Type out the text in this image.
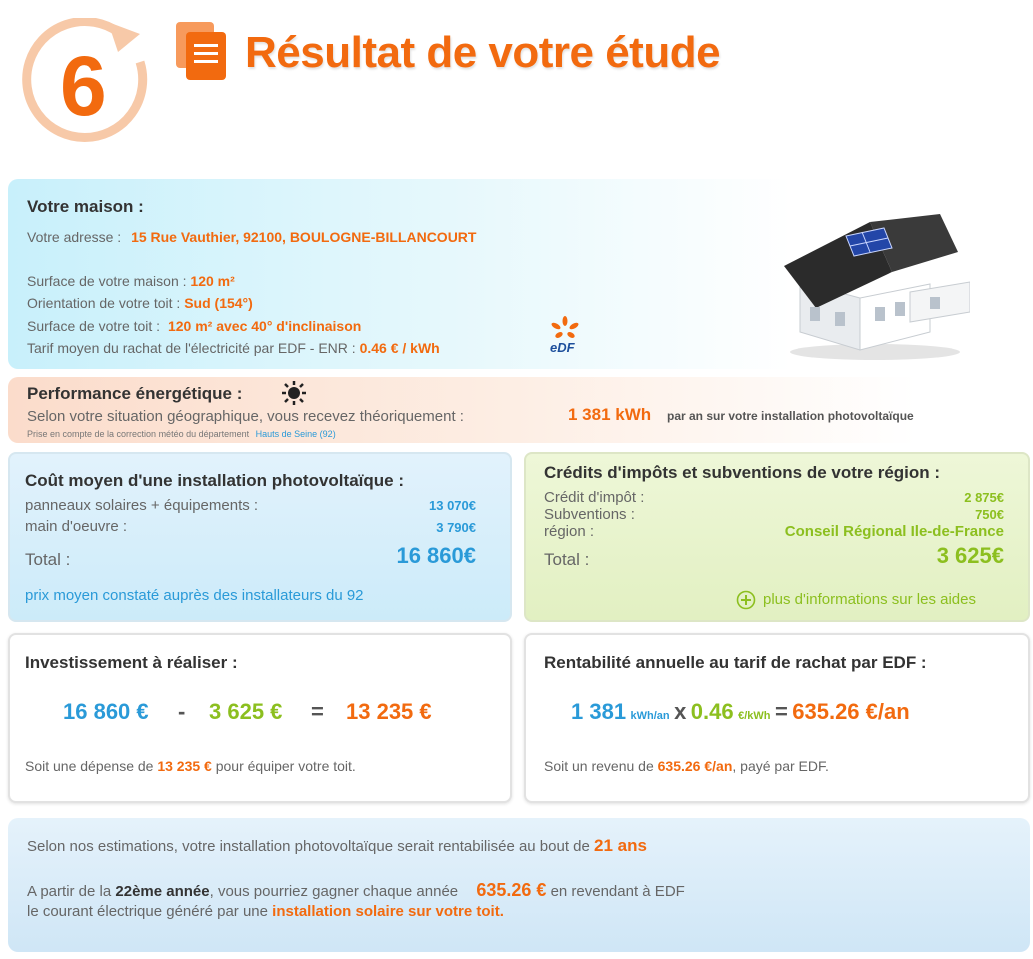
6	Résultat de votre étude
Votre maison :
Votre adresse : 15 Rue Vauthier, 92100, BOULOGNE-BILLANCOURT
Surface de votre maison : 120 m²
Orientation de votre toit : Sud (154°)
Surface de votre toit : 120 m² avec 40° d'inclinaison
Tarif moyen du rachat de l'électricité par EDF - ENR : 0.46 € / kWh	eDF
Performance énergétique :
Selon votre situation géographique, vous recevez théoriquement :	1 381 kWh par an sur votre installation photovoltaïque
Prise en compte de la correction météo du département Hauts de Seine (92)
Coût moyen d'une installation photovoltaïque :
panneaux solaires + équipements :	13 070€
main d'oeuvre :	3 790€
Total :	16 860€
prix moyen constaté auprès des installateurs du 92
Crédits d'impôts et subventions de votre région :
Crédit d'impôt :	2 875€
Subventions :	750€
région :	Conseil Régional Ile-de-France
Total :	3 625€
plus d'informations sur les aides
Investissement à réaliser :
16 860 € - 3 625 € = 13 235 €
Soit une dépense de 13 235 € pour équiper votre toit.
Rentabilité annuelle au tarif de rachat par EDF :
1 381 kWh/an x 0.46 €/kWh = 635.26 €/an
Soit un revenu de 635.26 €/an, payé par EDF.
Selon nos estimations, votre installation photovoltaïque serait rentabilisée au bout de 21 ans
A partir de la 22ème année, vous pourriez gagner chaque année 635.26 € en revendant à EDF
le courant électrique généré par une installation solaire sur votre toit.
